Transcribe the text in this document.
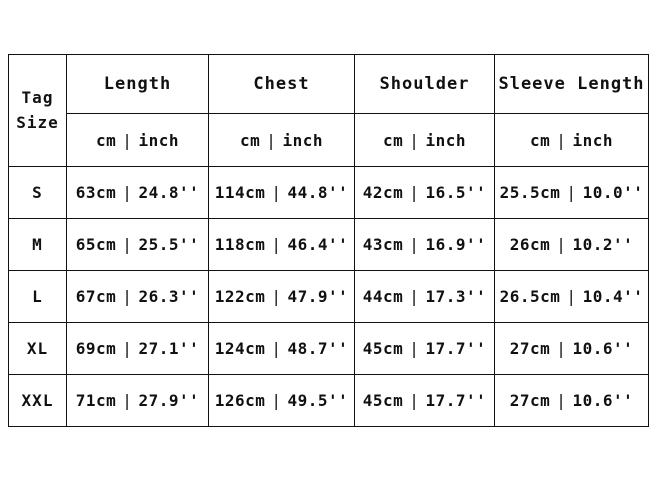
Tag
Size	Length	Chest	Shoulder	Sleeve Length
	cm | inch	cm | inch	cm | inch	cm | inch
S	63cm | 24.8''	114cm | 44.8''	42cm | 16.5''	25.5cm | 10.0''
M	65cm | 25.5''	118cm | 46.4''	43cm | 16.9''	26cm | 10.2''
L	67cm | 26.3''	122cm | 47.9''	44cm | 17.3''	26.5cm | 10.4''
XL	69cm | 27.1''	124cm | 48.7''	45cm | 17.7''	27cm | 10.6''
XXL	71cm | 27.9''	126cm | 49.5''	45cm | 17.7''	27cm | 10.6''
